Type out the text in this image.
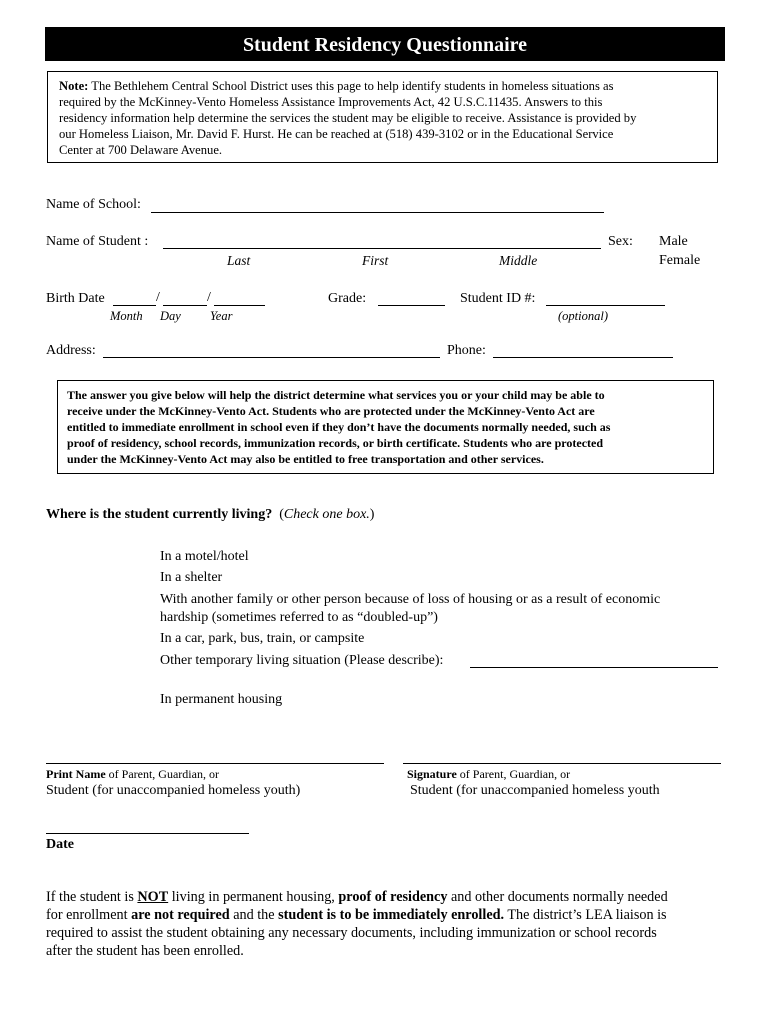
Student Residency Questionnaire
Note: The Bethlehem Central School District uses this page to help identify students in homeless situations as
required by the McKinney-Vento Homeless Assistance Improvements Act, 42 U.S.C.11435. Answers to this
residency information help determine the services the student may be eligible to receive. Assistance is provided by
our Homeless Liaison, Mr. David F. Hurst. He can be reached at (518) 439-3102 or in the Educational Service
Center at 700 Delaware Avenue.
Name of School:
Name of Student :	Sex: Male
Female
Last	First	Middle
Birth Date	/	/
Month Day Year
Grade:	Student ID #:
(optional)
Address:	Phone:
The answer you give below will help the district determine what services you or your child may be able to
receive under the McKinney-Vento Act. Students who are protected under the McKinney-Vento Act are
entitled to immediate enrollment in school even if they don’t have the documents normally needed, such as
proof of residency, school records, immunization records, or birth certificate. Students who are protected
under the McKinney-Vento Act may also be entitled to free transportation and other services.
Where is the student currently living? (Check one box.)
In a motel/hotel
In a shelter
With another family or other person because of loss of housing or as a result of economic
hardship (sometimes referred to as “doubled-up”)
In a car, park, bus, train, or campsite
Other temporary living situation (Please describe):
In permanent housing
Print Name of Parent, Guardian, or
Student (for unaccompanied homeless youth)
Signature of Parent, Guardian, or
Student (for unaccompanied homeless youth
Date
If the student is NOT living in permanent housing, proof of residency and other documents normally needed
for enrollment are not required and the student is to be immediately enrolled. The district’s LEA liaison is
required to assist the student obtaining any necessary documents, including immunization or school records
after the student has been enrolled.
